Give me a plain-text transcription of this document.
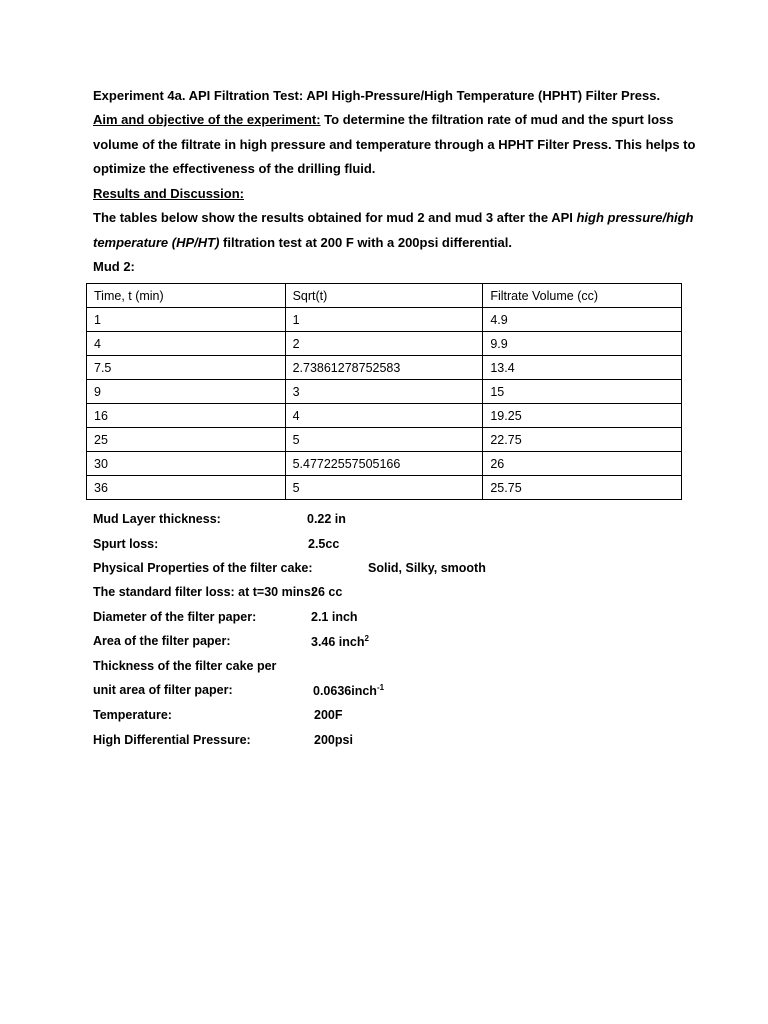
Experiment 4a. API Filtration Test: API High-Pressure/High Temperature (HPHT) Filter Press.
Aim and objective of the experiment: To determine the filtration rate of mud and the spurt loss
volume of the filtrate in high pressure and temperature through a HPHT Filter Press. This helps to
optimize the effectiveness of the drilling fluid.
Results and Discussion:
The tables below show the results obtained for mud 2 and mud 3 after the API high pressure/high
temperature (HP/HT) filtration test at 200 F with a 200psi differential.
Mud 2:
Time, t (min)	Sqrt(t)	Filtrate Volume (cc)
1	1	4.9
4	2	9.9
7.5	2.73861278752583	13.4
9	3	15
16	4	19.25
25	5	22.75
30	5.47722557505166	26
36	5	25.75
Mud Layer thickness:	0.22 in
Spurt loss:	2.5cc
Physical Properties of the filter cake:	Solid, Silky, smooth
The standard filter loss: at t=30 mins:
26 cc
Diameter of the filter paper:	2.1 inch
Area of the filter paper:	3.46 inch$^2$
Thickness of the filter cake per
unit area of filter paper:	0.0636inch$^{-1}$
Temperature:	200F
High Differential Pressure:	200psi
